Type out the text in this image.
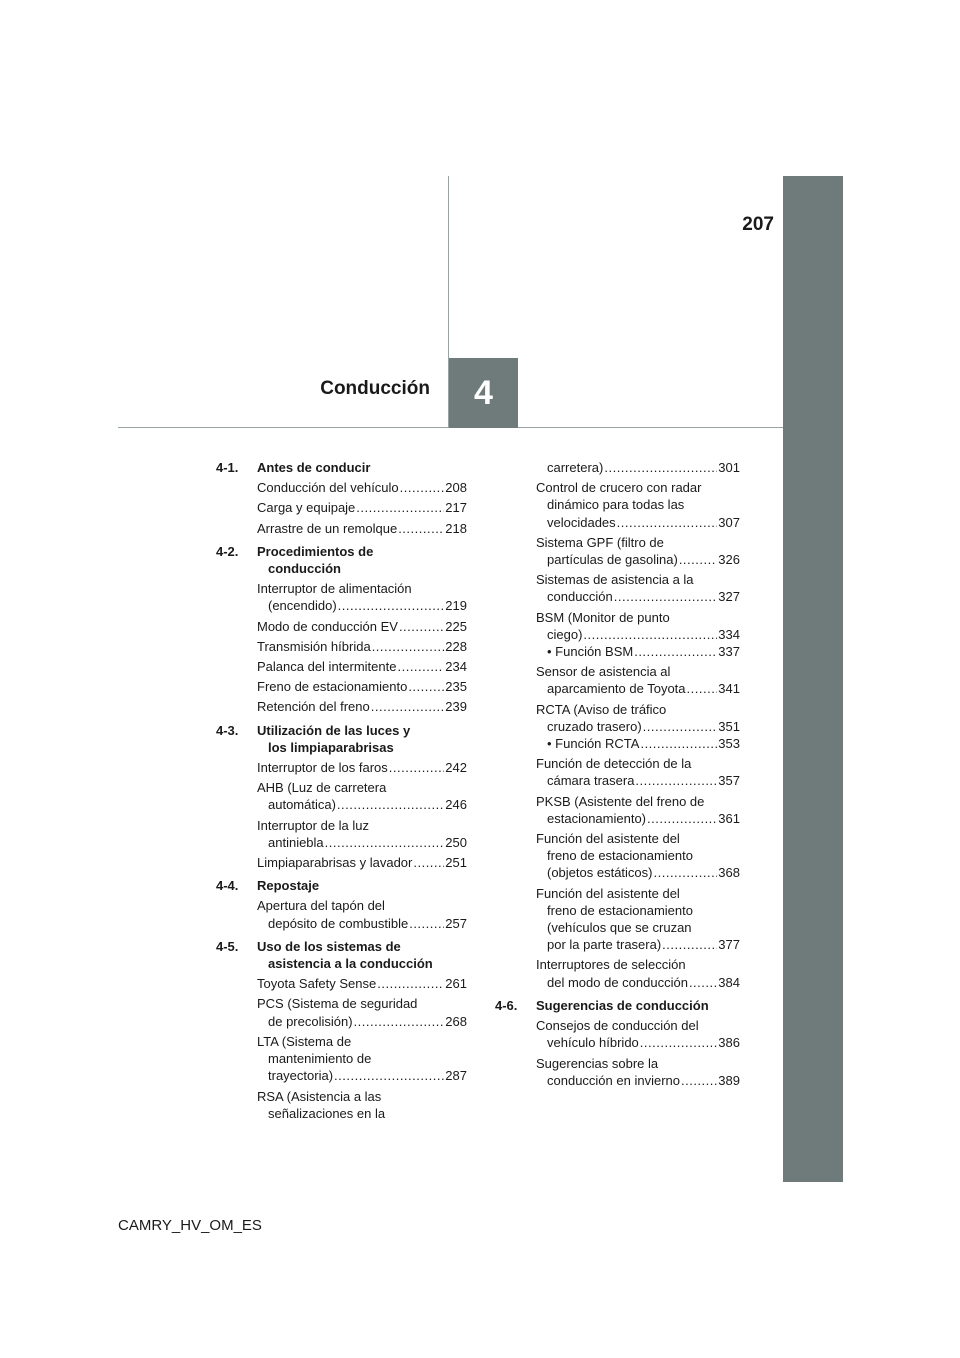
207
Conducción 4
4-1. Antes de conducir
Conducción del vehículo .....	208
Carga y equipaje .....	217
Arrastre de un remolque .....	218
4-2. Procedimientos de
conducción
Interruptor de alimentación
(encendido) .....	219
Modo de conducción EV .....	225
Transmisión híbrida .....	228
Palanca del intermitente .....	234
Freno de estacionamiento .....	235
Retención del freno .....	239
4-3. Utilización de las luces y
los limpiaparabrisas
Interruptor de los faros .....	242
AHB (Luz de carretera
automática) .....	246
Interruptor de la luz
antiniebla .....	250
Limpiaparabrisas y lavador .....	251
4-4. Repostaje
Apertura del tapón del
depósito de combustible .....	257
4-5. Uso de los sistemas de
asistencia a la conducción
Toyota Safety Sense .....	261
PCS (Sistema de seguridad
de precolisión) .....	268
LTA (Sistema de
mantenimiento de
trayectoria) .....	287
RSA (Asistencia a las
señalizaciones en la
carretera) .....	301
Control de crucero con radar
dinámico para todas las
velocidades .....	307
Sistema GPF (filtro de
partículas de gasolina) .....	326
Sistemas de asistencia a la
conducción .....	327
BSM (Monitor de punto
ciego) .....	334
• Función BSM .....	337
Sensor de asistencia al
aparcamiento de Toyota .....	341
RCTA (Aviso de tráfico
cruzado trasero) .....	351
• Función RCTA .....	353
Función de detección de la
cámara trasera .....	357
PKSB (Asistente del freno de
estacionamiento) .....	361
Función del asistente del
freno de estacionamiento
(objetos estáticos) .....	368
Función del asistente del
freno de estacionamiento
(vehículos que se cruzan
por la parte trasera) .....	377
Interruptores de selección
del modo de conducción ..... 384
4-6. Sugerencias de conducción
Consejos de conducción del
vehículo híbrido .....	386
Sugerencias sobre la
conducción en invierno .....	389
CAMRY_HV_OM_ES
